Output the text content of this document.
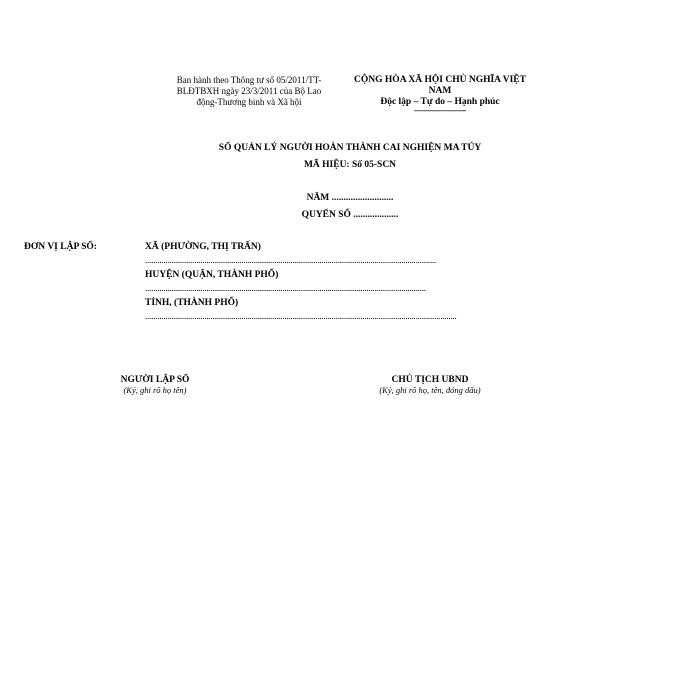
Ban hành theo Thông tư số 05/2011/TT-
BLĐTBXH ngày 23/3/2011 của Bộ Lao
động-Thương binh và Xã hội
CỘNG HÒA XÃ HỘI CHỦ NGHĨA VIỆT
NAM
Độc lập – Tự do – Hạnh phúc
------------------------
SỔ QUẢN LÝ NGƯỜI HOÀN THÀNH CAI NGHIỆN MA TÚY
MÃ HIỆU: Số 05-SCN
NĂM ..........................
QUYỂN SỐ ...................
ĐƠN VỊ LẬP SỔ:	XÃ (PHƯỜNG, THỊ TRẤN)
..............................................................................................................................................
HUYỆN (QUẬN, THÀNH PHỐ)
.........................................................................................................................................
TỈNH, (THÀNH PHỐ)
........................................................................................................................................................
NGƯỜI LẬP SỔ
(Ký, ghi rõ họ tên)
CHỦ TỊCH UBND
(Ký, ghi rõ họ, tên, đóng dấu)
